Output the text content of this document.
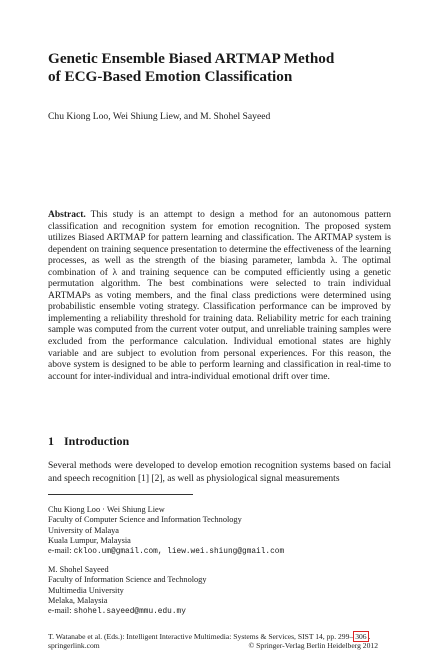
Genetic Ensemble Biased ARTMAP Method
of ECG-Based Emotion Classification
Chu Kiong Loo, Wei Shiung Liew, and M. Shohel Sayeed
Abstract. This study is an attempt to design a method for an autonomous pattern classification and recognition system for emotion recognition. The proposed system utilizes Biased ARTMAP for pattern learning and classification. The ARTMAP system is dependent on training sequence presentation to determine the effectiveness of the learning processes, as well as the strength of the biasing parameter, lambda λ. The optimal combination of λ and training sequence can be computed efficiently using a genetic permutation algorithm. The best combinations were selected to train individual ARTMAPs as voting members, and the final class predictions were determined using probabilistic ensemble voting strategy. Classification performance can be improved by implementing a reliability threshold for training data. Reliability metric for each training sample was computed from the current voter output, and unreliable training samples were excluded from the performance calculation. Individual emotional states are highly variable and are subject to evolution from personal experiences. For this reason, the above system is designed to be able to perform learning and classification in real-time to account for inter-individual and intra-individual emotional drift over time.
1 Introduction
Several methods were developed to develop emotion recognition systems based on facial and speech recognition [1] [2], as well as physiological signal measurements
Chu Kiong Loo · Wei Shiung Liew
Faculty of Computer Science and Information Technology
University of Malaya
Kuala Lumpur, Malaysia
e-mail: ckloo.um@gmail.com, liew.wei.shiung@gmail.com
M. Shohel Sayeed
Faculty of Information Science and Technology
Multimedia University
Melaka, Malaysia
e-mail: shohel.sayeed@mmu.edu.my
T. Watanabe et al. (Eds.): Intelligent Interactive Multimedia: Systems & Services, SIST 14, pp. 299– 306 .
springerlink.com	© Springer-Verlag Berlin Heidelberg 2012
